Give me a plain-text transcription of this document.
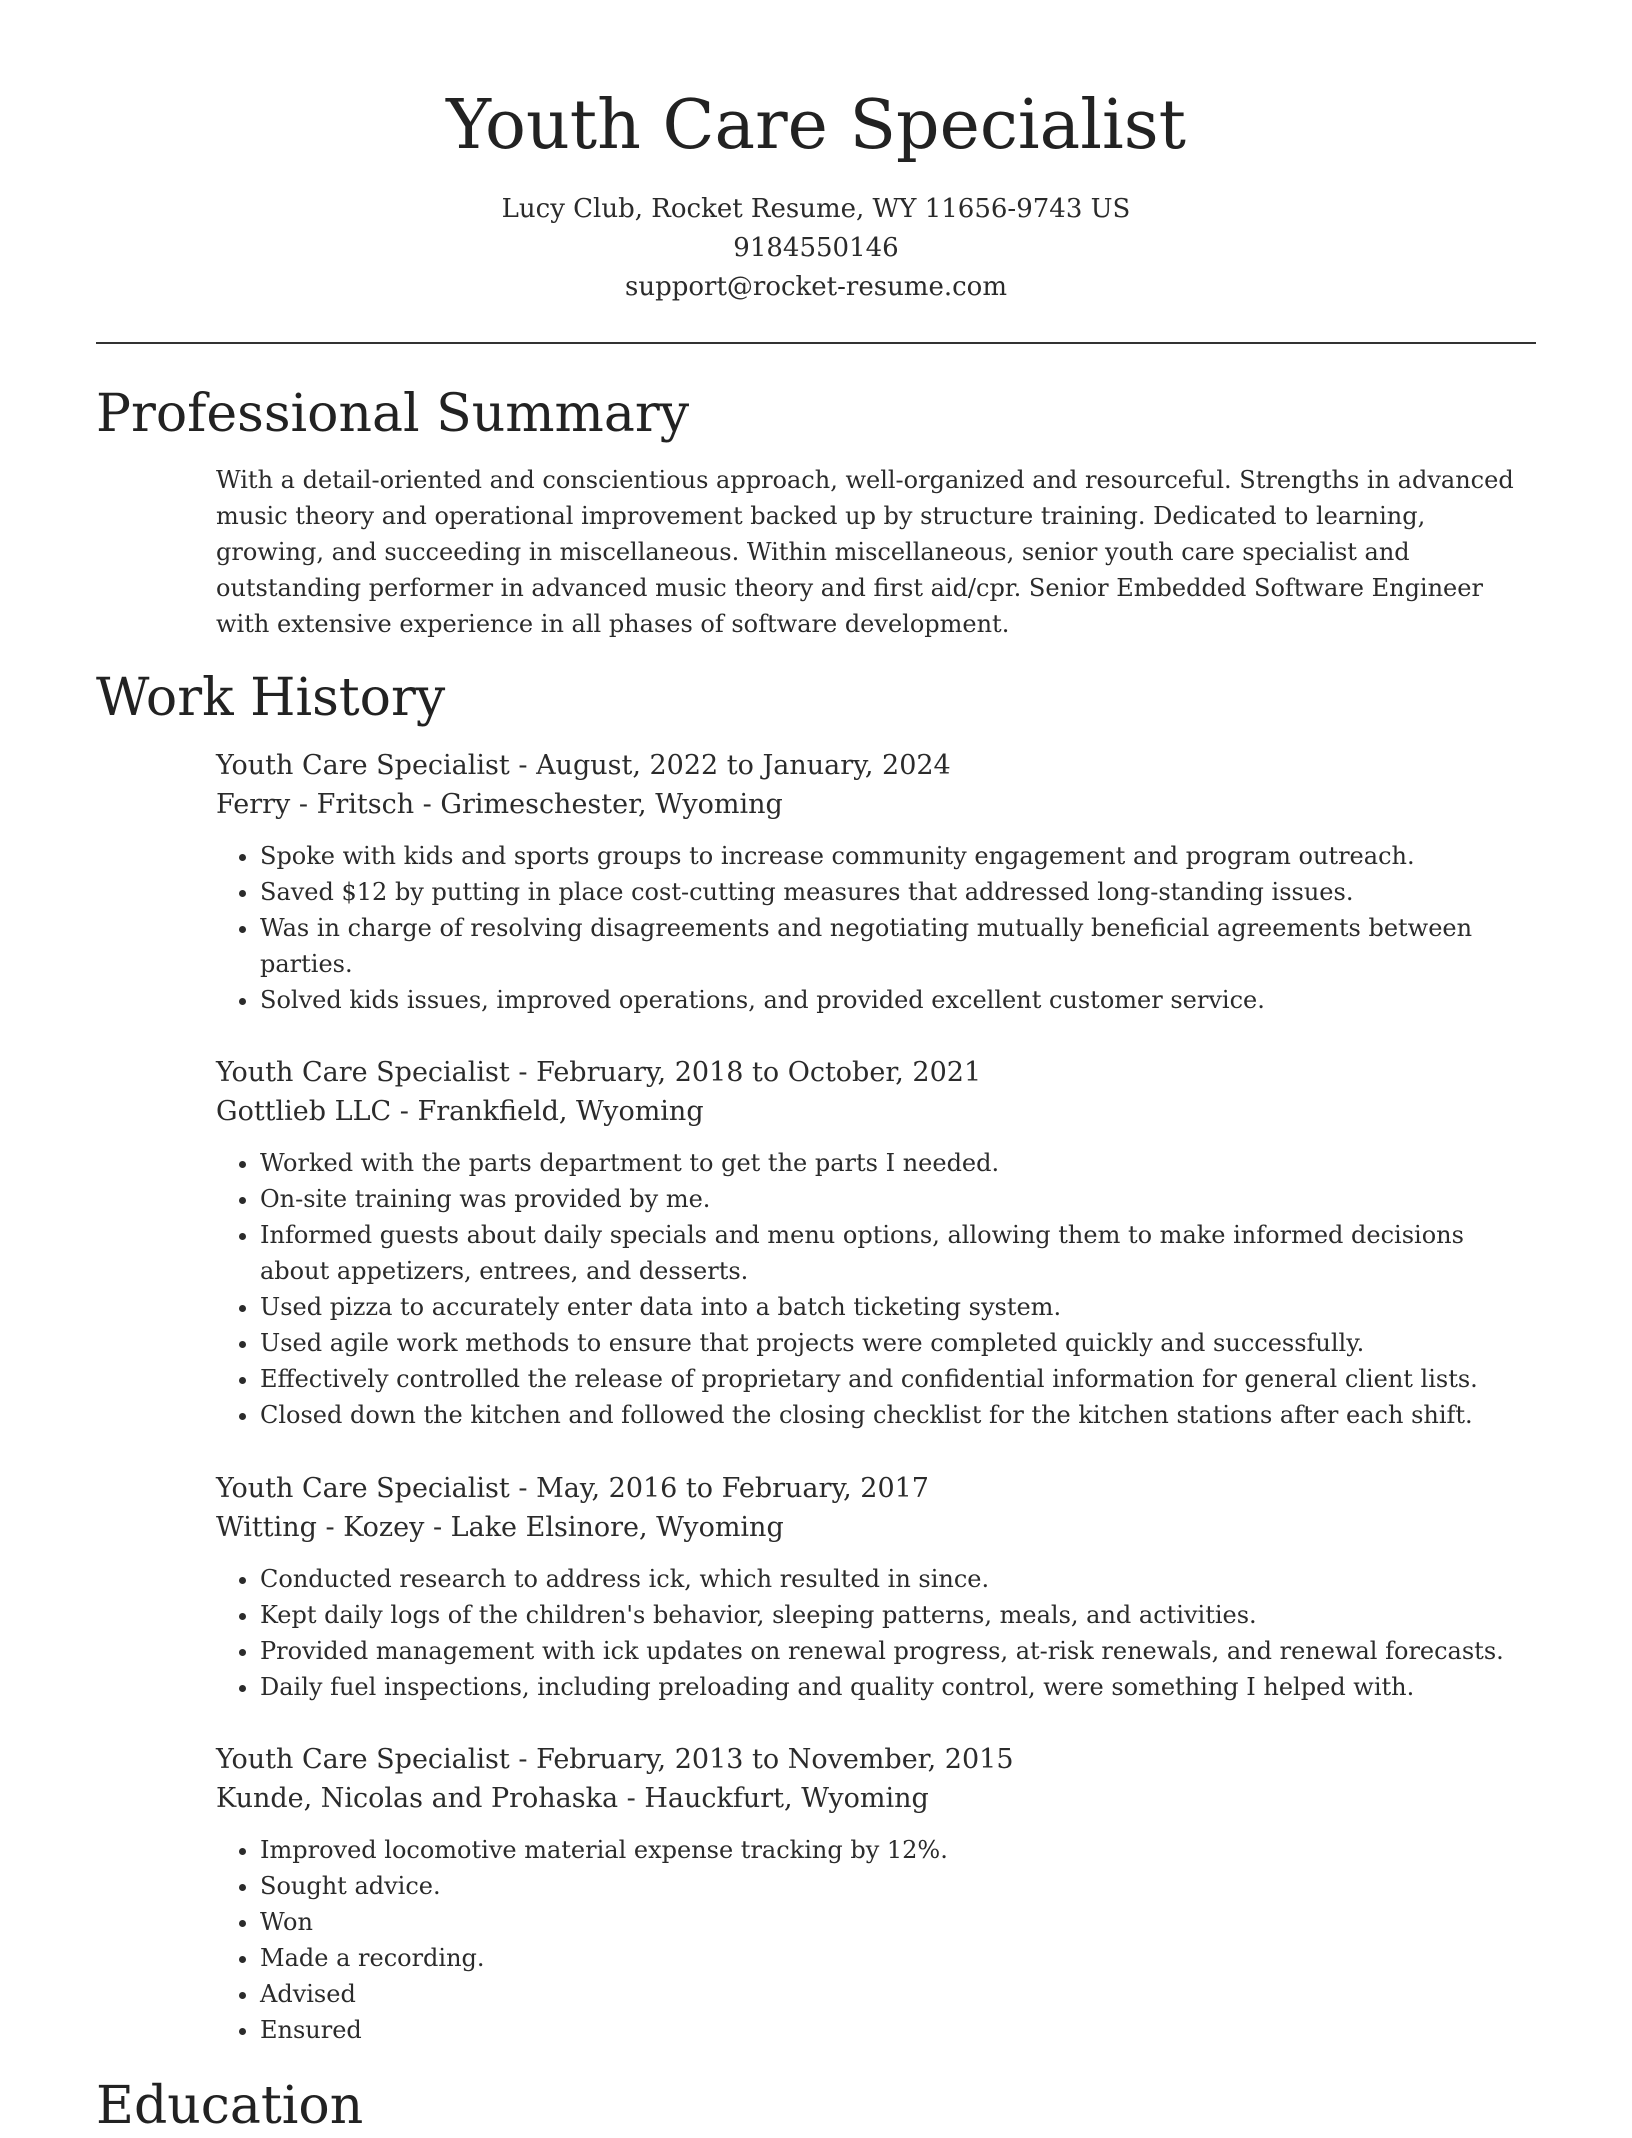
Youth Care Specialist
Lucy Club, Rocket Resume, WY 11656-9743 US
9184550146
support@rocket-resume.com
Professional Summary
With a detail-oriented and conscientious approach, well-organized and resourceful. Strengths in advanced music theory and operational improvement backed up by structure training. Dedicated to learning, growing, and succeeding in miscellaneous. Within miscellaneous, senior youth care specialist and outstanding performer in advanced music theory and first aid/cpr. Senior Embedded Software Engineer with extensive experience in all phases of software development.
Work History
Youth Care Specialist - August, 2022 to January, 2024
Ferry - Fritsch - Grimeschester, Wyoming
• Spoke with kids and sports groups to increase community engagement and program outreach.
• Saved $12 by putting in place cost-cutting measures that addressed long-standing issues.
• Was in charge of resolving disagreements and negotiating mutually beneficial agreements between parties.
• Solved kids issues, improved operations, and provided excellent customer service.
Youth Care Specialist - February, 2018 to October, 2021
Gottlieb LLC - Frankfield, Wyoming
• Worked with the parts department to get the parts I needed.
• On-site training was provided by me.
• Informed guests about daily specials and menu options, allowing them to make informed decisions about appetizers, entrees, and desserts.
• Used pizza to accurately enter data into a batch ticketing system.
• Used agile work methods to ensure that projects were completed quickly and successfully.
• Effectively controlled the release of proprietary and confidential information for general client lists.
• Closed down the kitchen and followed the closing checklist for the kitchen stations after each shift.
Youth Care Specialist - May, 2016 to February, 2017
Witting - Kozey - Lake Elsinore, Wyoming
• Conducted research to address ick, which resulted in since.
• Kept daily logs of the children's behavior, sleeping patterns, meals, and activities.
• Provided management with ick updates on renewal progress, at-risk renewals, and renewal forecasts.
• Daily fuel inspections, including preloading and quality control, were something I helped with.
Youth Care Specialist - February, 2013 to November, 2015
Kunde, Nicolas and Prohaska - Hauckfurt, Wyoming
• Improved locomotive material expense tracking by 12%.
• Sought advice.
• Won
• Made a recording.
• Advised
• Ensured
Education
